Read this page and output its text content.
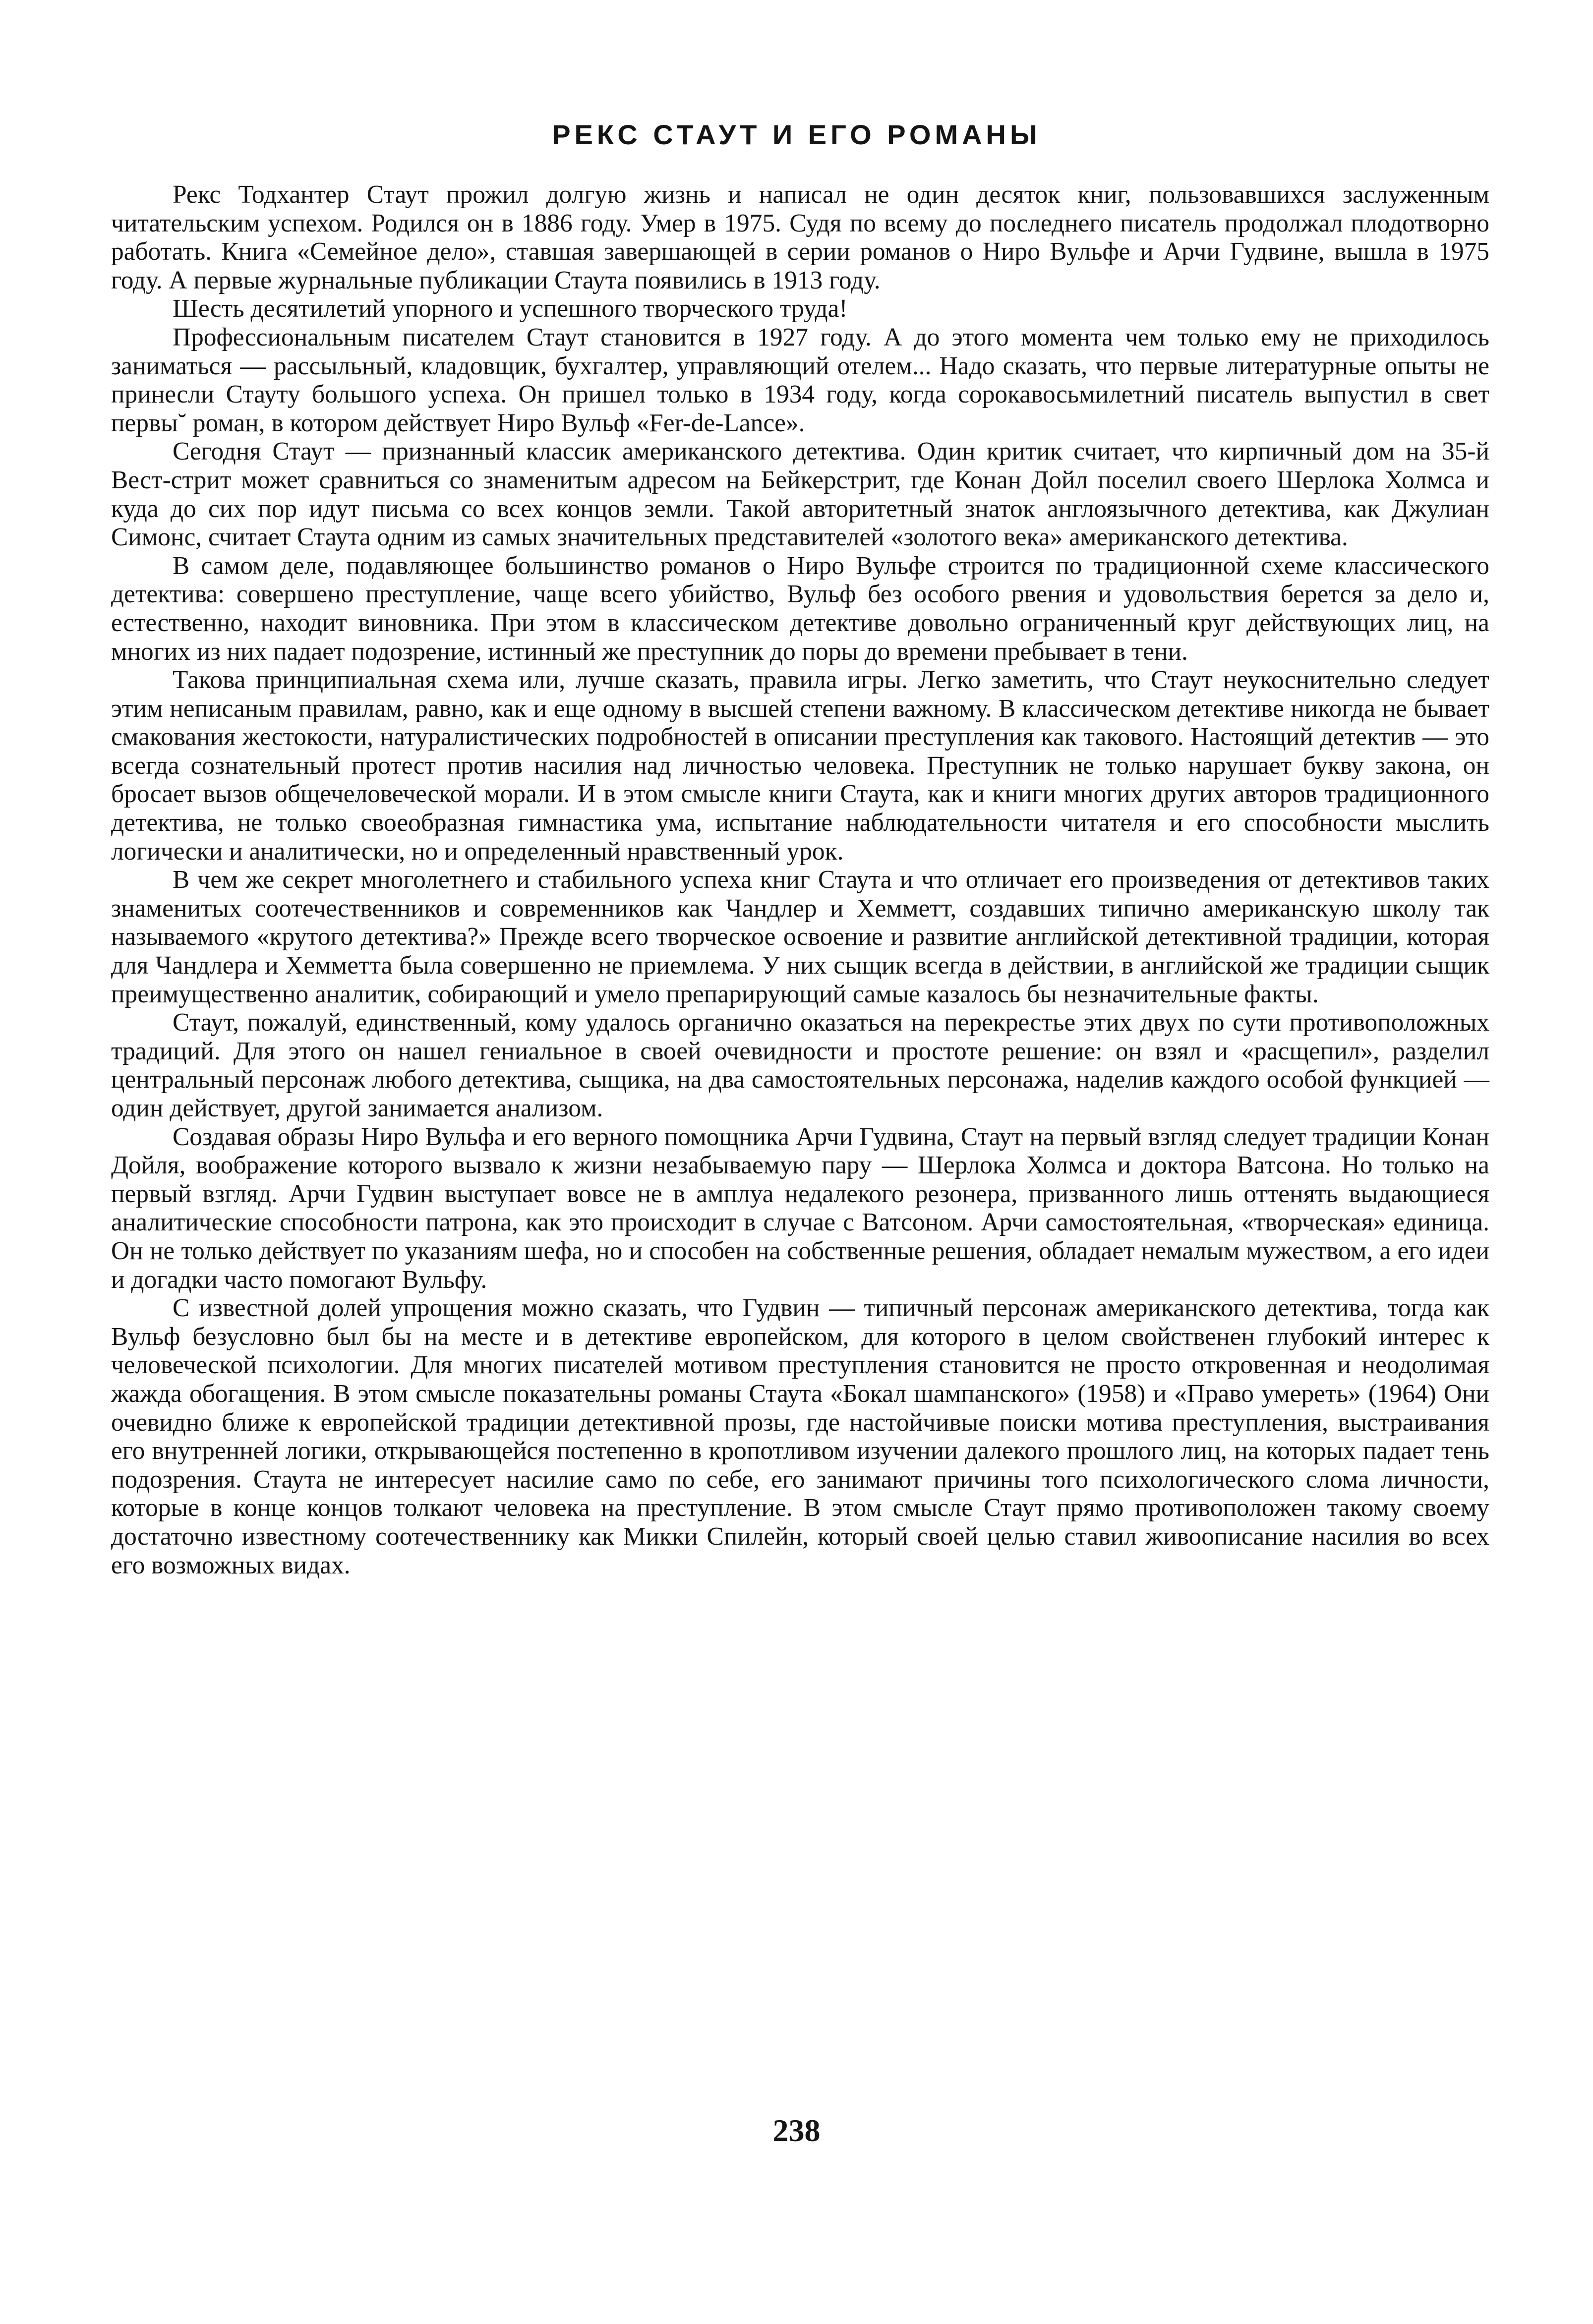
РЕКС СТАУТ И ЕГО РОМАНЫ

Рекс Тодхантер Стаут прожил долгую жизнь и написал не один десяток книг, пользовавшихся заслуженным читательским успехом. Родился он в 1886 году. Умер в 1975. Судя по всему до последнего писатель продолжал плодотворно работать. Книга «Семейное дело», ставшая завершающей в серии романов о Ниро Вульфе и Арчи Гудвине, вышла в 1975 году. А первые журнальные публикации Стаута появились в 1913 году.

Шесть десятилетий упорного и успешного творческого труда!

Профессиональным писателем Стаут становится в 1927 году. А до этого момента чем только ему не приходилось заниматься — рассыльный, кладовщик, бухгалтер, управляющий отелем... Надо сказать, что первые литературные опыты не принесли Стауту большого успеха. Он пришел только в 1934 году, когда сорокавосьмилетний писатель выпустил в свет первы˘ роман, в котором действует Ниро Вульф «Fer-de-Lance».

Сегодня Стаут — признанный классик американского детектива. Один критик считает, что кирпичный дом на 35-й Вест-стрит может сравниться со знаменитым адресом на Бейкерстрит, где Конан Дойл поселил своего Шерлока Холмса и куда до сих пор идут письма со всех концов земли. Такой авторитетный знаток англоязычного детектива, как Джулиан Симонс, считает Стаута одним из самых значительных представителей «золотого века» американского детектива.

В самом деле, подавляющее большинство романов о Ниро Вульфе строится по традиционной схеме классического детектива: совершено преступление, чаще всего убийство, Вульф без особого рвения и удовольствия берется за дело и, естественно, находит виновника. При этом в классическом детективе довольно ограниченный круг действующих лиц, на многих из них падает подозрение, истинный же преступник до поры до времени пребывает в тени.

Такова принципиальная схема или, лучше сказать, правила игры. Легко заметить, что Стаут неукоснительно следует этим неписаным правилам, равно, как и еще одному в высшей степени важному. В классическом детективе никогда не бывает смакования жестокости, натуралистических подробностей в описании преступления как такового. Настоящий детектив — это всегда сознательный протест против насилия над личностью человека. Преступник не только нарушает букву закона, он бросает вызов общечеловеческой морали. И в этом смысле книги Стаута, как и книги многих других авторов традиционного детектива, не только своеобразная гимнастика ума, испытание наблюдательности читателя и его способности мыслить логически и аналитически, но и определенный нравственный урок.

В чем же секрет многолетнего и стабильного успеха книг Стаута и что отличает его произведения от детективов таких знаменитых соотечественников и современников как Чандлер и Хемметт, создавших типично американскую школу так называемого «крутого детектива?» Прежде всего творческое освоение и развитие английской детективной традиции, которая для Чандлера и Хемметта была совершенно не приемлема. У них сыщик всегда в действии, в английской же традиции сыщик преимущественно аналитик, собирающий и умело препарирующий самые казалось бы незначительные факты.

Стаут, пожалуй, единственный, кому удалось органично оказаться на перекрестье этих двух по сути противоположных традиций. Для этого он нашел гениальное в своей очевидности и простоте решение: он взял и «расщепил», разделил центральный персонаж любого детектива, сыщика, на два самостоятельных персонажа, наделив каждого особой функцией — один действует, другой занимается анализом.

Создавая образы Ниро Вульфа и его верного помощника Арчи Гудвина, Стаут на первый взгляд следует традиции Конан Дойля, воображение которого вызвало к жизни незабываемую пару — Шерлока Холмса и доктора Ватсона. Но только на первый взгляд. Арчи Гудвин выступает вовсе не в амплуа недалекого резонера, призванного лишь оттенять выдающиеся аналитические способности патрона, как это происходит в случае с Ватсоном. Арчи самостоятельная, «творческая» единица. Он не только действует по указаниям шефа, но и способен на собственные решения, обладает немалым мужеством, а его идеи и догадки часто помогают Вульфу.

С известной долей упрощения можно сказать, что Гудвин — типичный персонаж американского детектива, тогда как Вульф безусловно был бы на месте и в детективе европейском, для которого в целом свойственен глубокий интерес к человеческой психологии. Для многих писателей мотивом преступления становится не просто откровенная и неодолимая жажда обогащения. В этом смысле показательны романы Стаута «Бокал шампанского» (1958) и «Право умереть» (1964) Они очевидно ближе к европейской традиции детективной прозы, где настойчивые поиски мотива преступления, выстраивания его внутренней логики, открывающейся постепенно в кропотливом изучении далекого прошлого лиц, на которых падает тень подозрения. Стаута не интересует насилие само по себе, его занимают причины того психологического слома личности, которые в конце концов толкают человека на преступление. В этом смысле Стаут прямо противоположен такому своему достаточно известному соотечественнику как Микки Спилейн, который своей целью ставил живоописание насилия во всех его возможных видах.

238
